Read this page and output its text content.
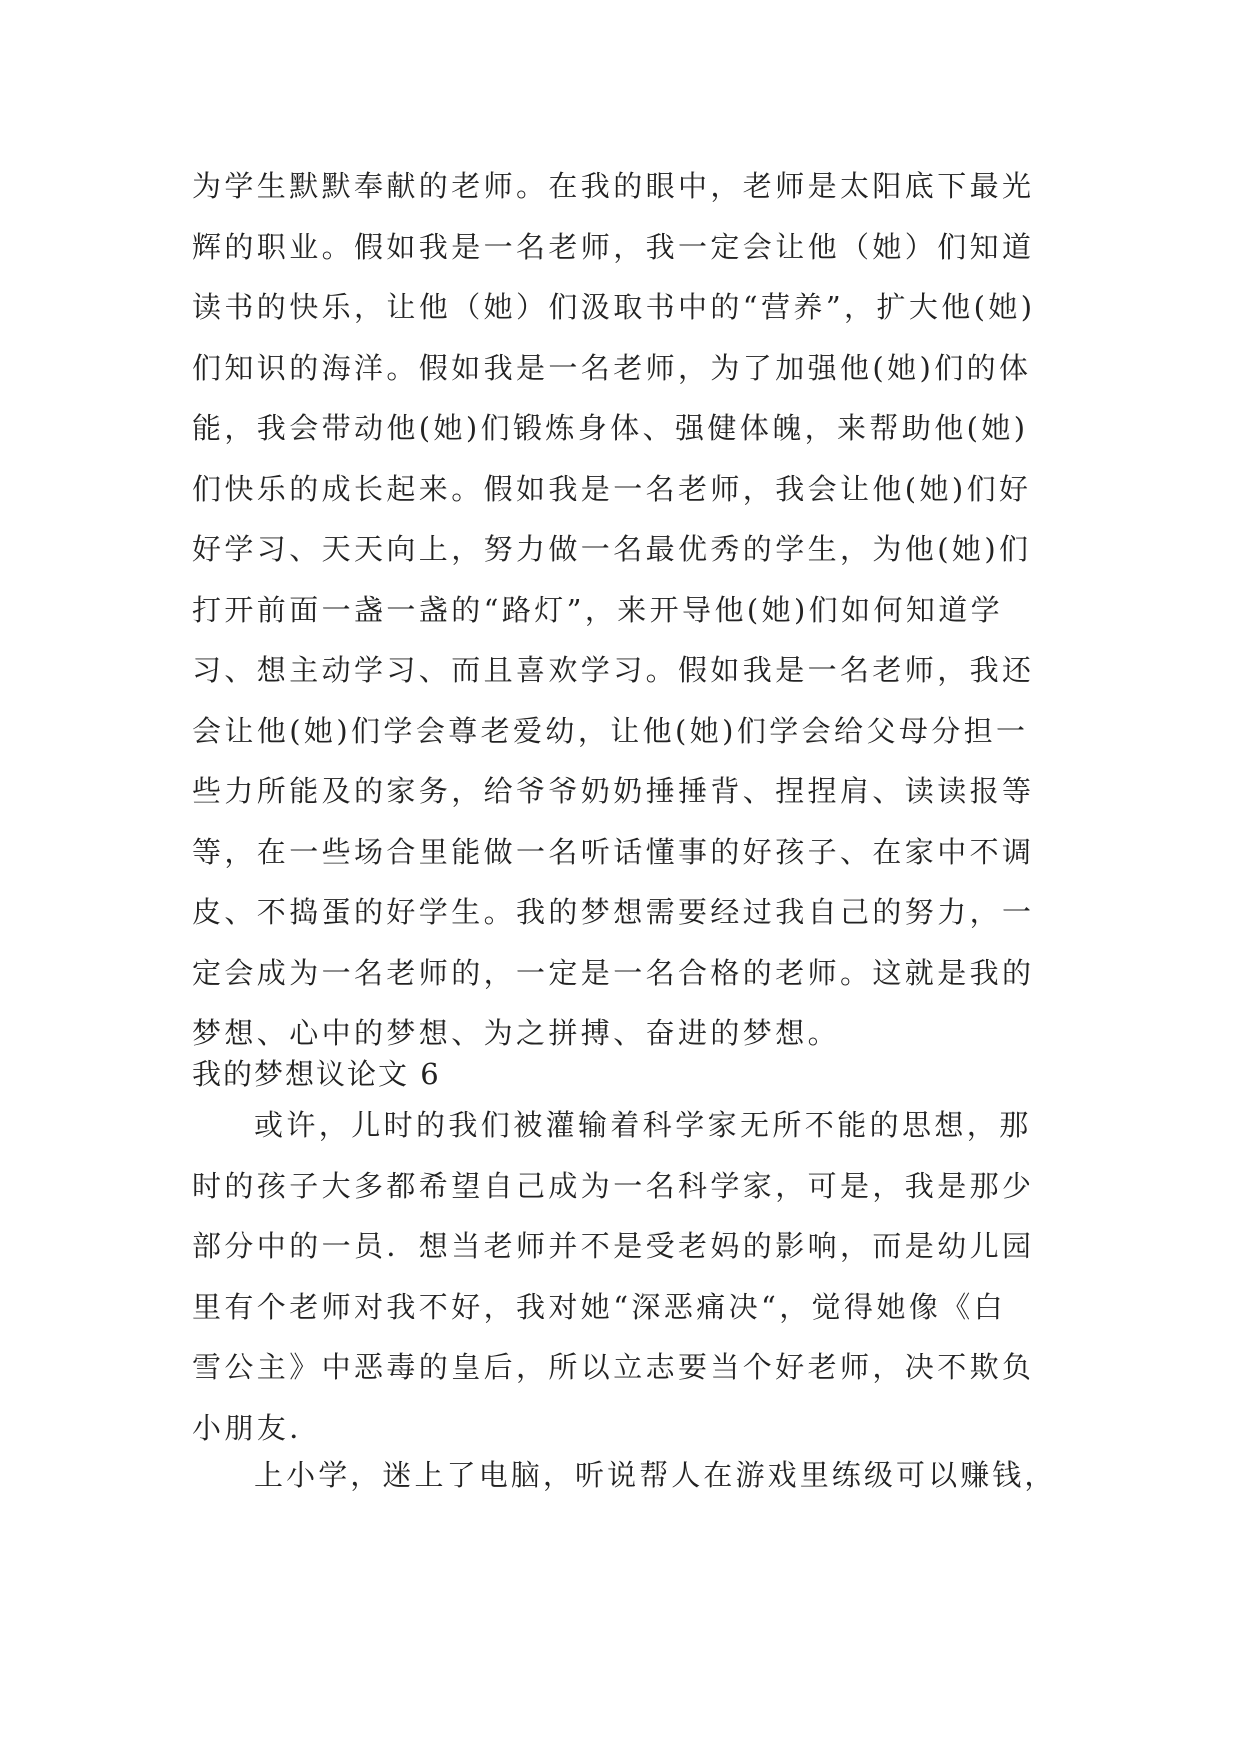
为学生默默奉献的老师。在我的眼中，老师是太阳底下最光
辉的职业。假如我是一名老师，我一定会让他（她）们知道
读书的快乐，让他（她）们汲取书中的“营养”，扩大他(她)
们知识的海洋。假如我是一名老师，为了加强他(她)们的体
能，我会带动他(她)们锻炼身体、强健体魄，来帮助他(她)
们快乐的成长起来。假如我是一名老师，我会让他(她)们好
好学习、天天向上，努力做一名最优秀的学生，为他(她)们
打开前面一盏一盏的“路灯”，来开导他(她)们如何知道学
习、想主动学习、而且喜欢学习。假如我是一名老师，我还
会让他(她)们学会尊老爱幼，让他(她)们学会给父母分担一
些力所能及的家务，给爷爷奶奶捶捶背、捏捏肩、读读报等
等，在一些场合里能做一名听话懂事的好孩子、在家中不调
皮、不捣蛋的好学生。我的梦想需要经过我自己的努力，一
定会成为一名老师的，一定是一名合格的老师。这就是我的
梦想、心中的梦想、为之拼搏、奋进的梦想。
我的梦想议论文 6
或许，儿时的我们被灌输着科学家无所不能的思想，那
时的孩子大多都希望自己成为一名科学家，可是，我是那少
部分中的一员．想当老师并不是受老妈的影响，而是幼儿园
里有个老师对我不好，我对她“深恶痛决“，觉得她像《白
雪公主》中恶毒的皇后，所以立志要当个好老师，决不欺负
小朋友．
上小学，迷上了电脑，听说帮人在游戏里练级可以赚钱，
